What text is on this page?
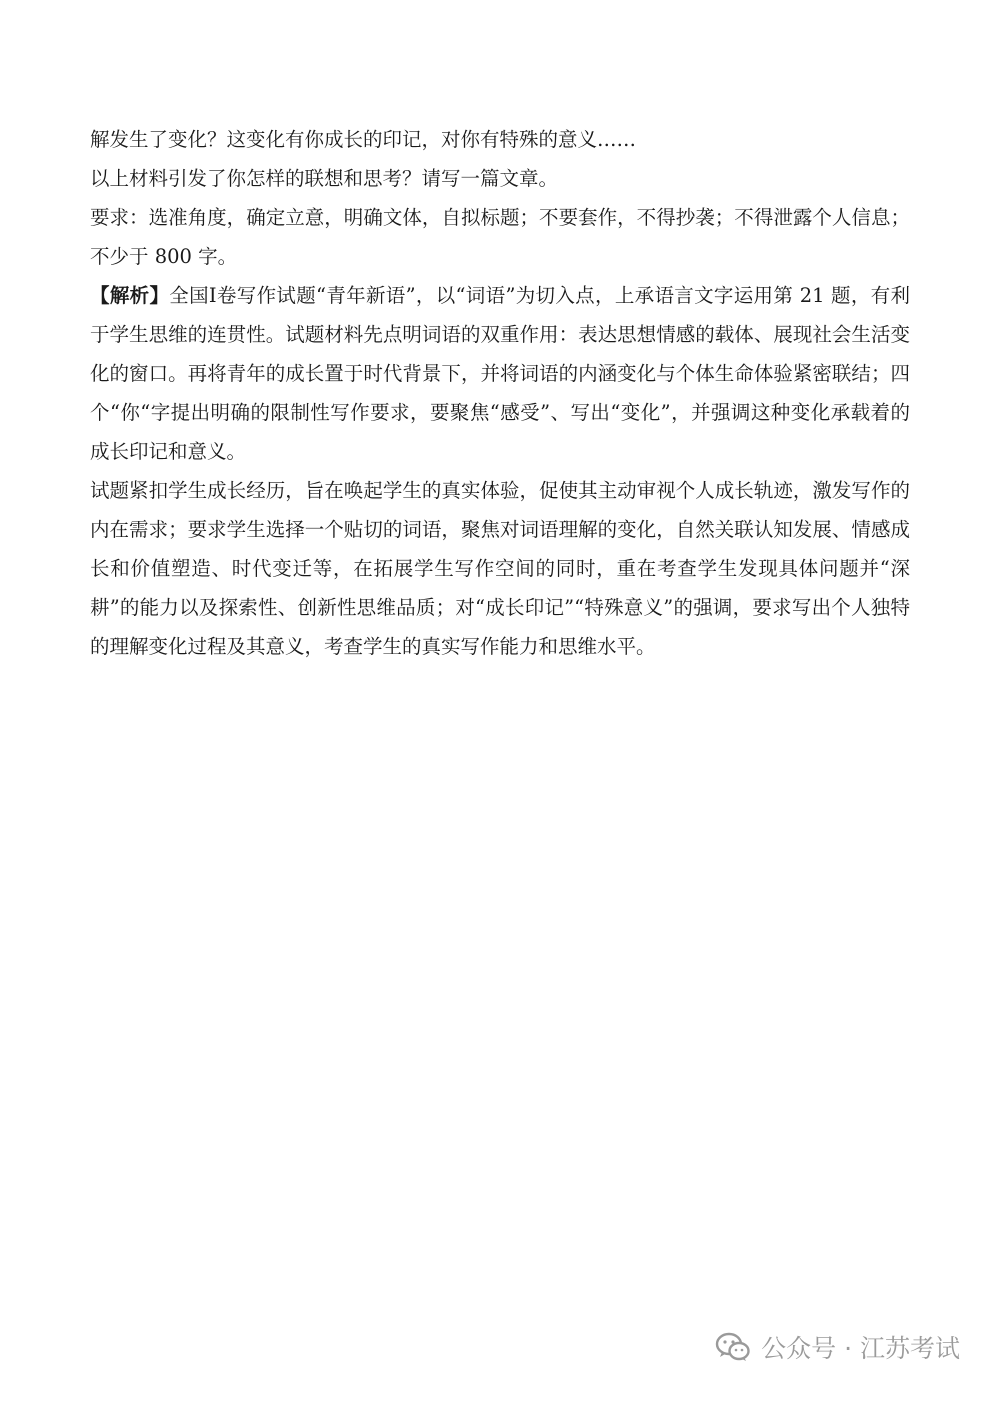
解发生了变化？这变化有你成长的印记，对你有特殊的意义……

以上材料引发了你怎样的联想和思考？请写一篇文章。

要求：选准角度，确定立意，明确文体，自拟标题；不要套作，不得抄袭；不得泄露个人信息；不少于 800 字。

【解析】全国Ⅰ卷写作试题“青年新语”，以“词语”为切入点，上承语言文字运用第 21 题，有利于学生思维的连贯性。试题材料先点明词语的双重作用：表达思想情感的载体、展现社会生活变化的窗口。再将青年的成长置于时代背景下，并将词语的内涵变化与个体生命体验紧密联结；四个“你“字提出明确的限制性写作要求，要聚焦“感受”、写出“变化”，并强调这种变化承载着的成长印记和意义。

试题紧扣学生成长经历，旨在唤起学生的真实体验，促使其主动审视个人成长轨迹，激发写作的内在需求；要求学生选择一个贴切的词语，聚焦对词语理解的变化，自然关联认知发展、情感成长和价值塑造、时代变迁等，在拓展学生写作空间的同时，重在考查学生发现具体问题并“深耕”的能力以及探索性、创新性思维品质；对“成长印记”“特殊意义”的强调，要求写出个人独特的理解变化过程及其意义，考查学生的真实写作能力和思维水平。

公众号 · 江苏考试
